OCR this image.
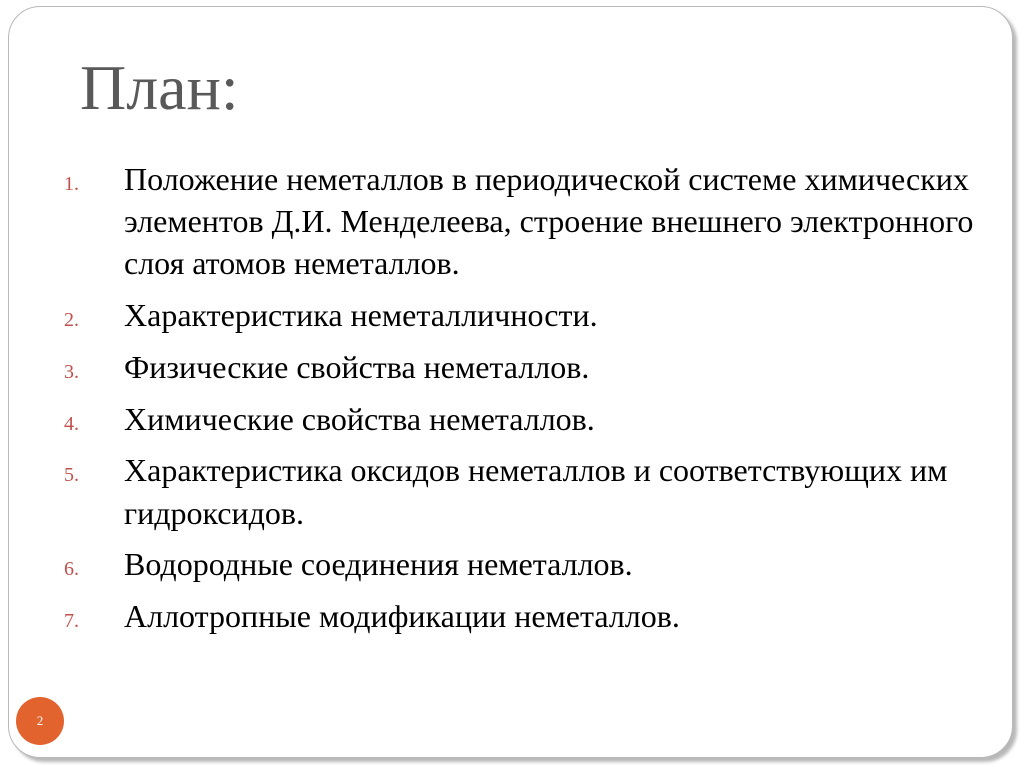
План:
1.	Положение неметаллов в периодической системе химических элементов Д.И. Менделеева, строение внешнего электронного слоя атомов неметаллов.
2.	Характеристика неметалличности.
3.	Физические свойства неметаллов.
4.	Химические свойства неметаллов.
5.	Характеристика оксидов неметаллов и соответствующих им гидроксидов.
6.	Водородные соединения неметаллов.
7.	Аллотропные модификации неметаллов.
2
